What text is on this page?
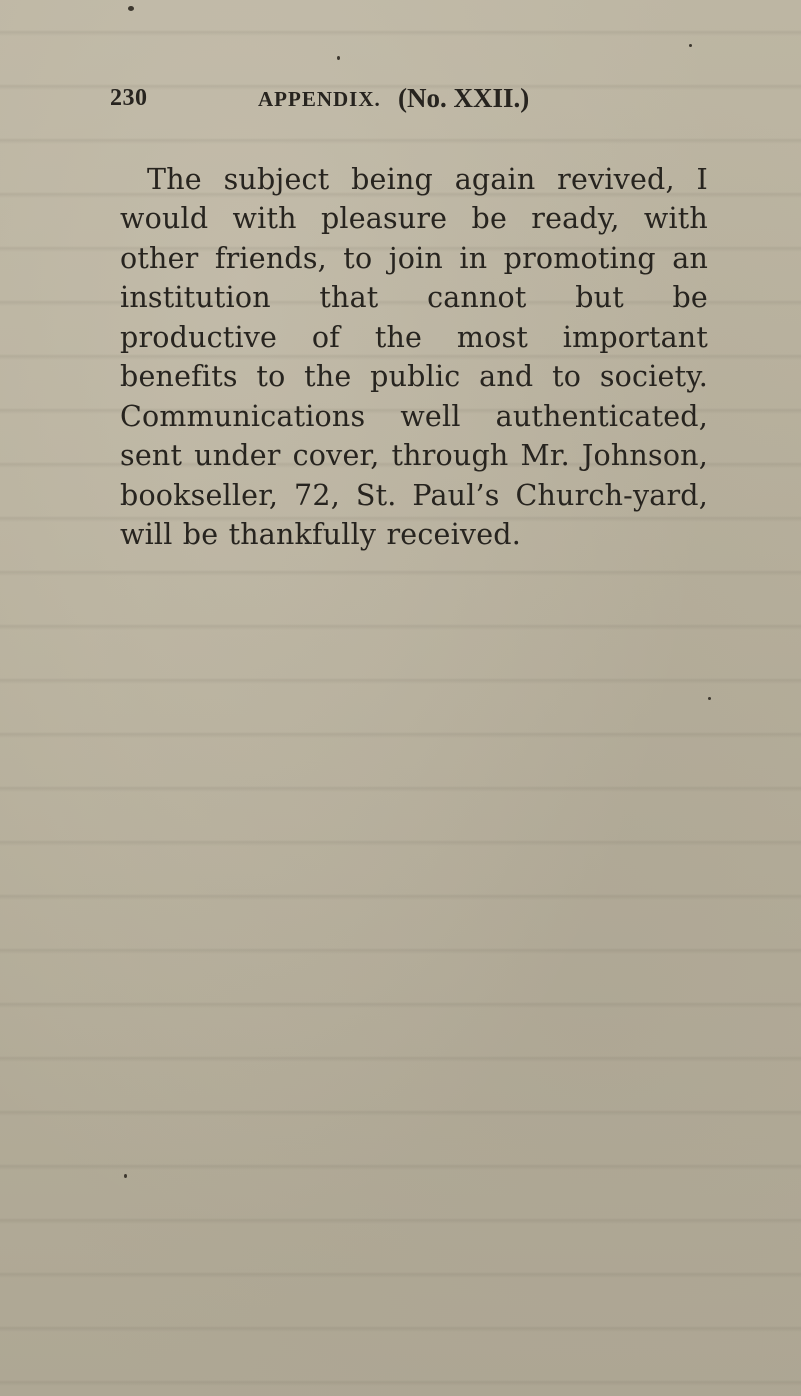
230	APPENDIX. (No. XXII.)

The subject being again revived, I would with pleasure be ready, with other friends, to join in promoting an institution that cannot but be productive of the most important benefits to the public and to society. Communications well authenticated, sent under cover, through Mr. Johnson, bookseller, 72, St. Paul’s Church-yard, will be thankfully received.
